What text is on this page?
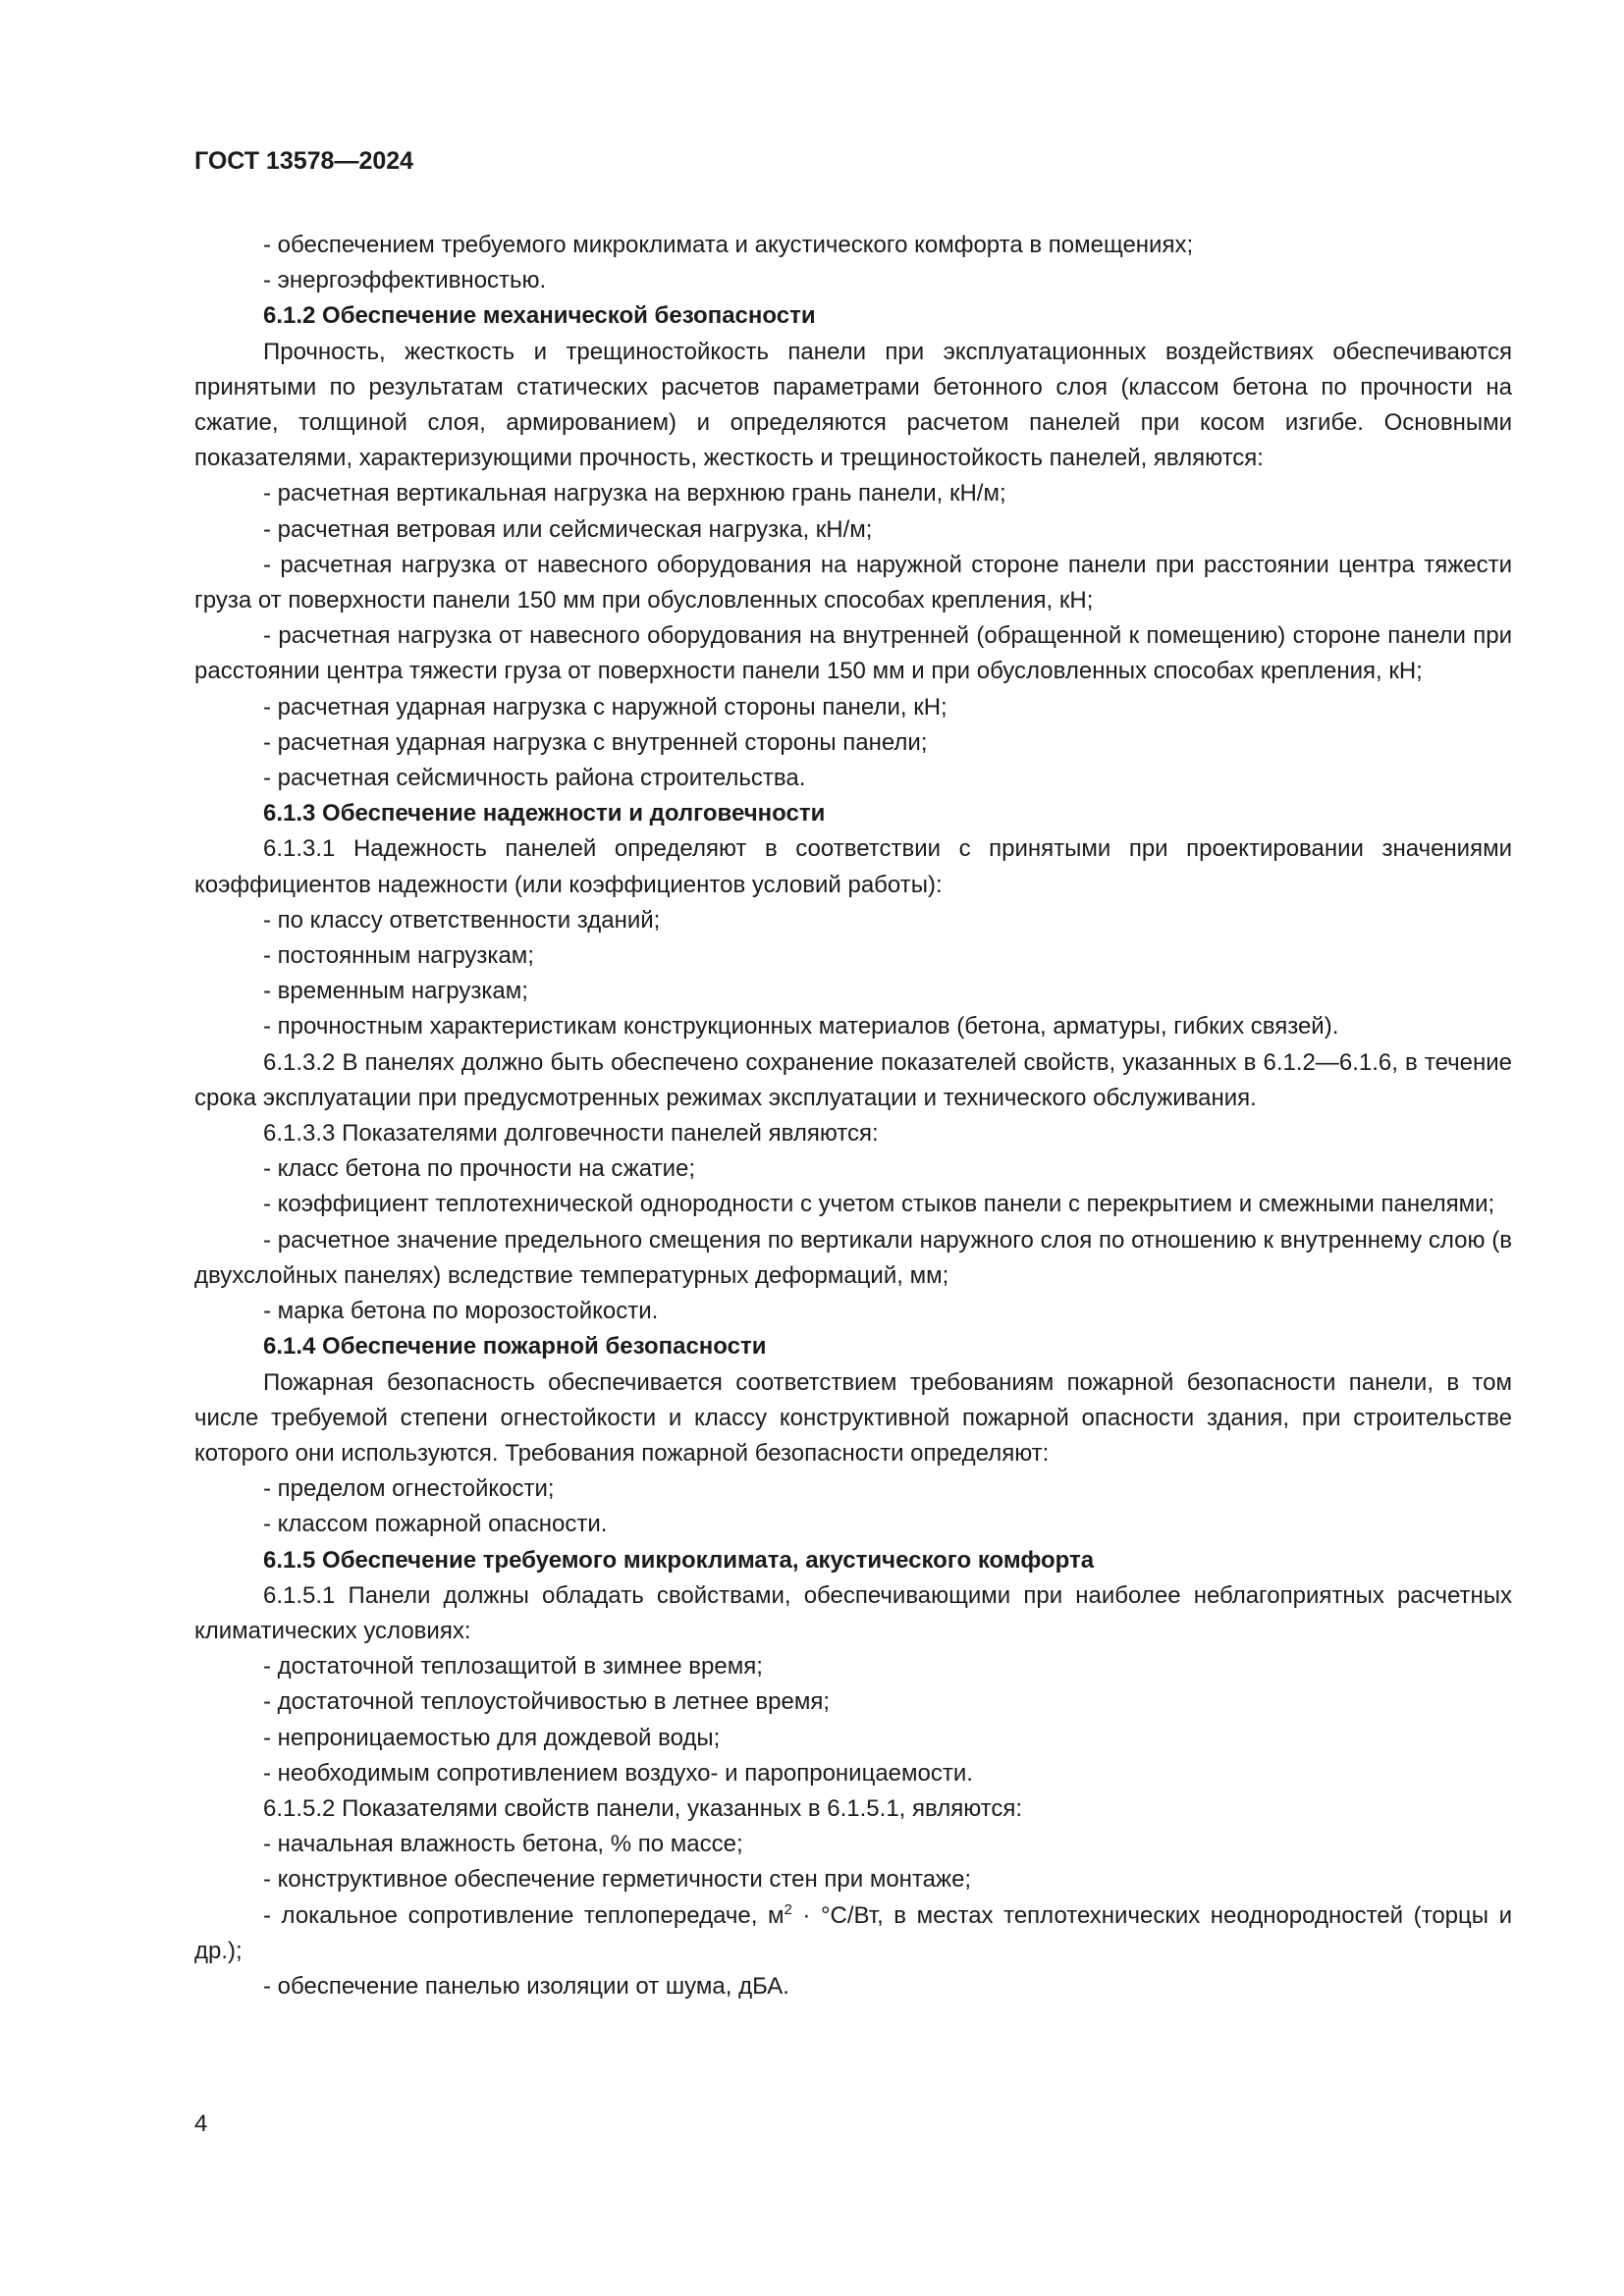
ГОСТ 13578—2024

- обеспечением требуемого микроклимата и акустического комфорта в помещениях;

- энергоэффективностью.

6.1.2 Обеспечение механической безопасности

Прочность, жесткость и трещиностойкость панели при эксплуатационных воздействиях обеспечиваются принятыми по результатам статических расчетов параметрами бетонного слоя (классом бетона по прочности на сжатие, толщиной слоя, армированием) и определяются расчетом панелей при косом изгибе. Основными показателями, характеризующими прочность, жесткость и трещиностойкость панелей, являются:

- расчетная вертикальная нагрузка на верхнюю грань панели, кН/м;

- расчетная ветровая или сейсмическая нагрузка, кН/м;

- расчетная нагрузка от навесного оборудования на наружной стороне панели при расстоянии центра тяжести груза от поверхности панели 150 мм при обусловленных способах крепления, кН;

- расчетная нагрузка от навесного оборудования на внутренней (обращенной к помещению) стороне панели при расстоянии центра тяжести груза от поверхности панели 150 мм и при обусловленных способах крепления, кН;

- расчетная ударная нагрузка с наружной стороны панели, кН;

- расчетная ударная нагрузка с внутренней стороны панели;

- расчетная сейсмичность района строительства.

6.1.3 Обеспечение надежности и долговечности

6.1.3.1 Надежность панелей определяют в соответствии с принятыми при проектировании значениями коэффициентов надежности (или коэффициентов условий работы):

- по классу ответственности зданий;

- постоянным нагрузкам;

- временным нагрузкам;

- прочностным характеристикам конструкционных материалов (бетона, арматуры, гибких связей).

6.1.3.2 В панелях должно быть обеспечено сохранение показателей свойств, указанных в 6.1.2—6.1.6, в течение срока эксплуатации при предусмотренных режимах эксплуатации и технического обслуживания.

6.1.3.3 Показателями долговечности панелей являются:

- класс бетона по прочности на сжатие;

- коэффициент теплотехнической однородности с учетом стыков панели с перекрытием и смежными панелями;

- расчетное значение предельного смещения по вертикали наружного слоя по отношению к внутреннему слою (в двухслойных панелях) вследствие температурных деформаций, мм;

- марка бетона по морозостойкости.

6.1.4 Обеспечение пожарной безопасности

Пожарная безопасность обеспечивается соответствием требованиям пожарной безопасности панели, в том числе требуемой степени огнестойкости и классу конструктивной пожарной опасности здания, при строительстве которого они используются. Требования пожарной безопасности определяют:

- пределом огнестойкости;

- классом пожарной опасности.

6.1.5 Обеспечение требуемого микроклимата, акустического комфорта

6.1.5.1 Панели должны обладать свойствами, обеспечивающими при наиболее неблагоприятных расчетных климатических условиях:

- достаточной теплозащитой в зимнее время;

- достаточной теплоустойчивостью в летнее время;

- непроницаемостью для дождевой воды;

- необходимым сопротивлением воздухо- и паропроницаемости.

6.1.5.2 Показателями свойств панели, указанных в 6.1.5.1, являются:

- начальная влажность бетона, % по массе;

- конструктивное обеспечение герметичности стен при монтаже;

- локальное сопротивление теплопередаче, $м^2 \cdot ^\circ С/Вт$, в местах теплотехнических неоднородностей (торцы и др.);

- обеспечение панелью изоляции от шума, дБА.

4
